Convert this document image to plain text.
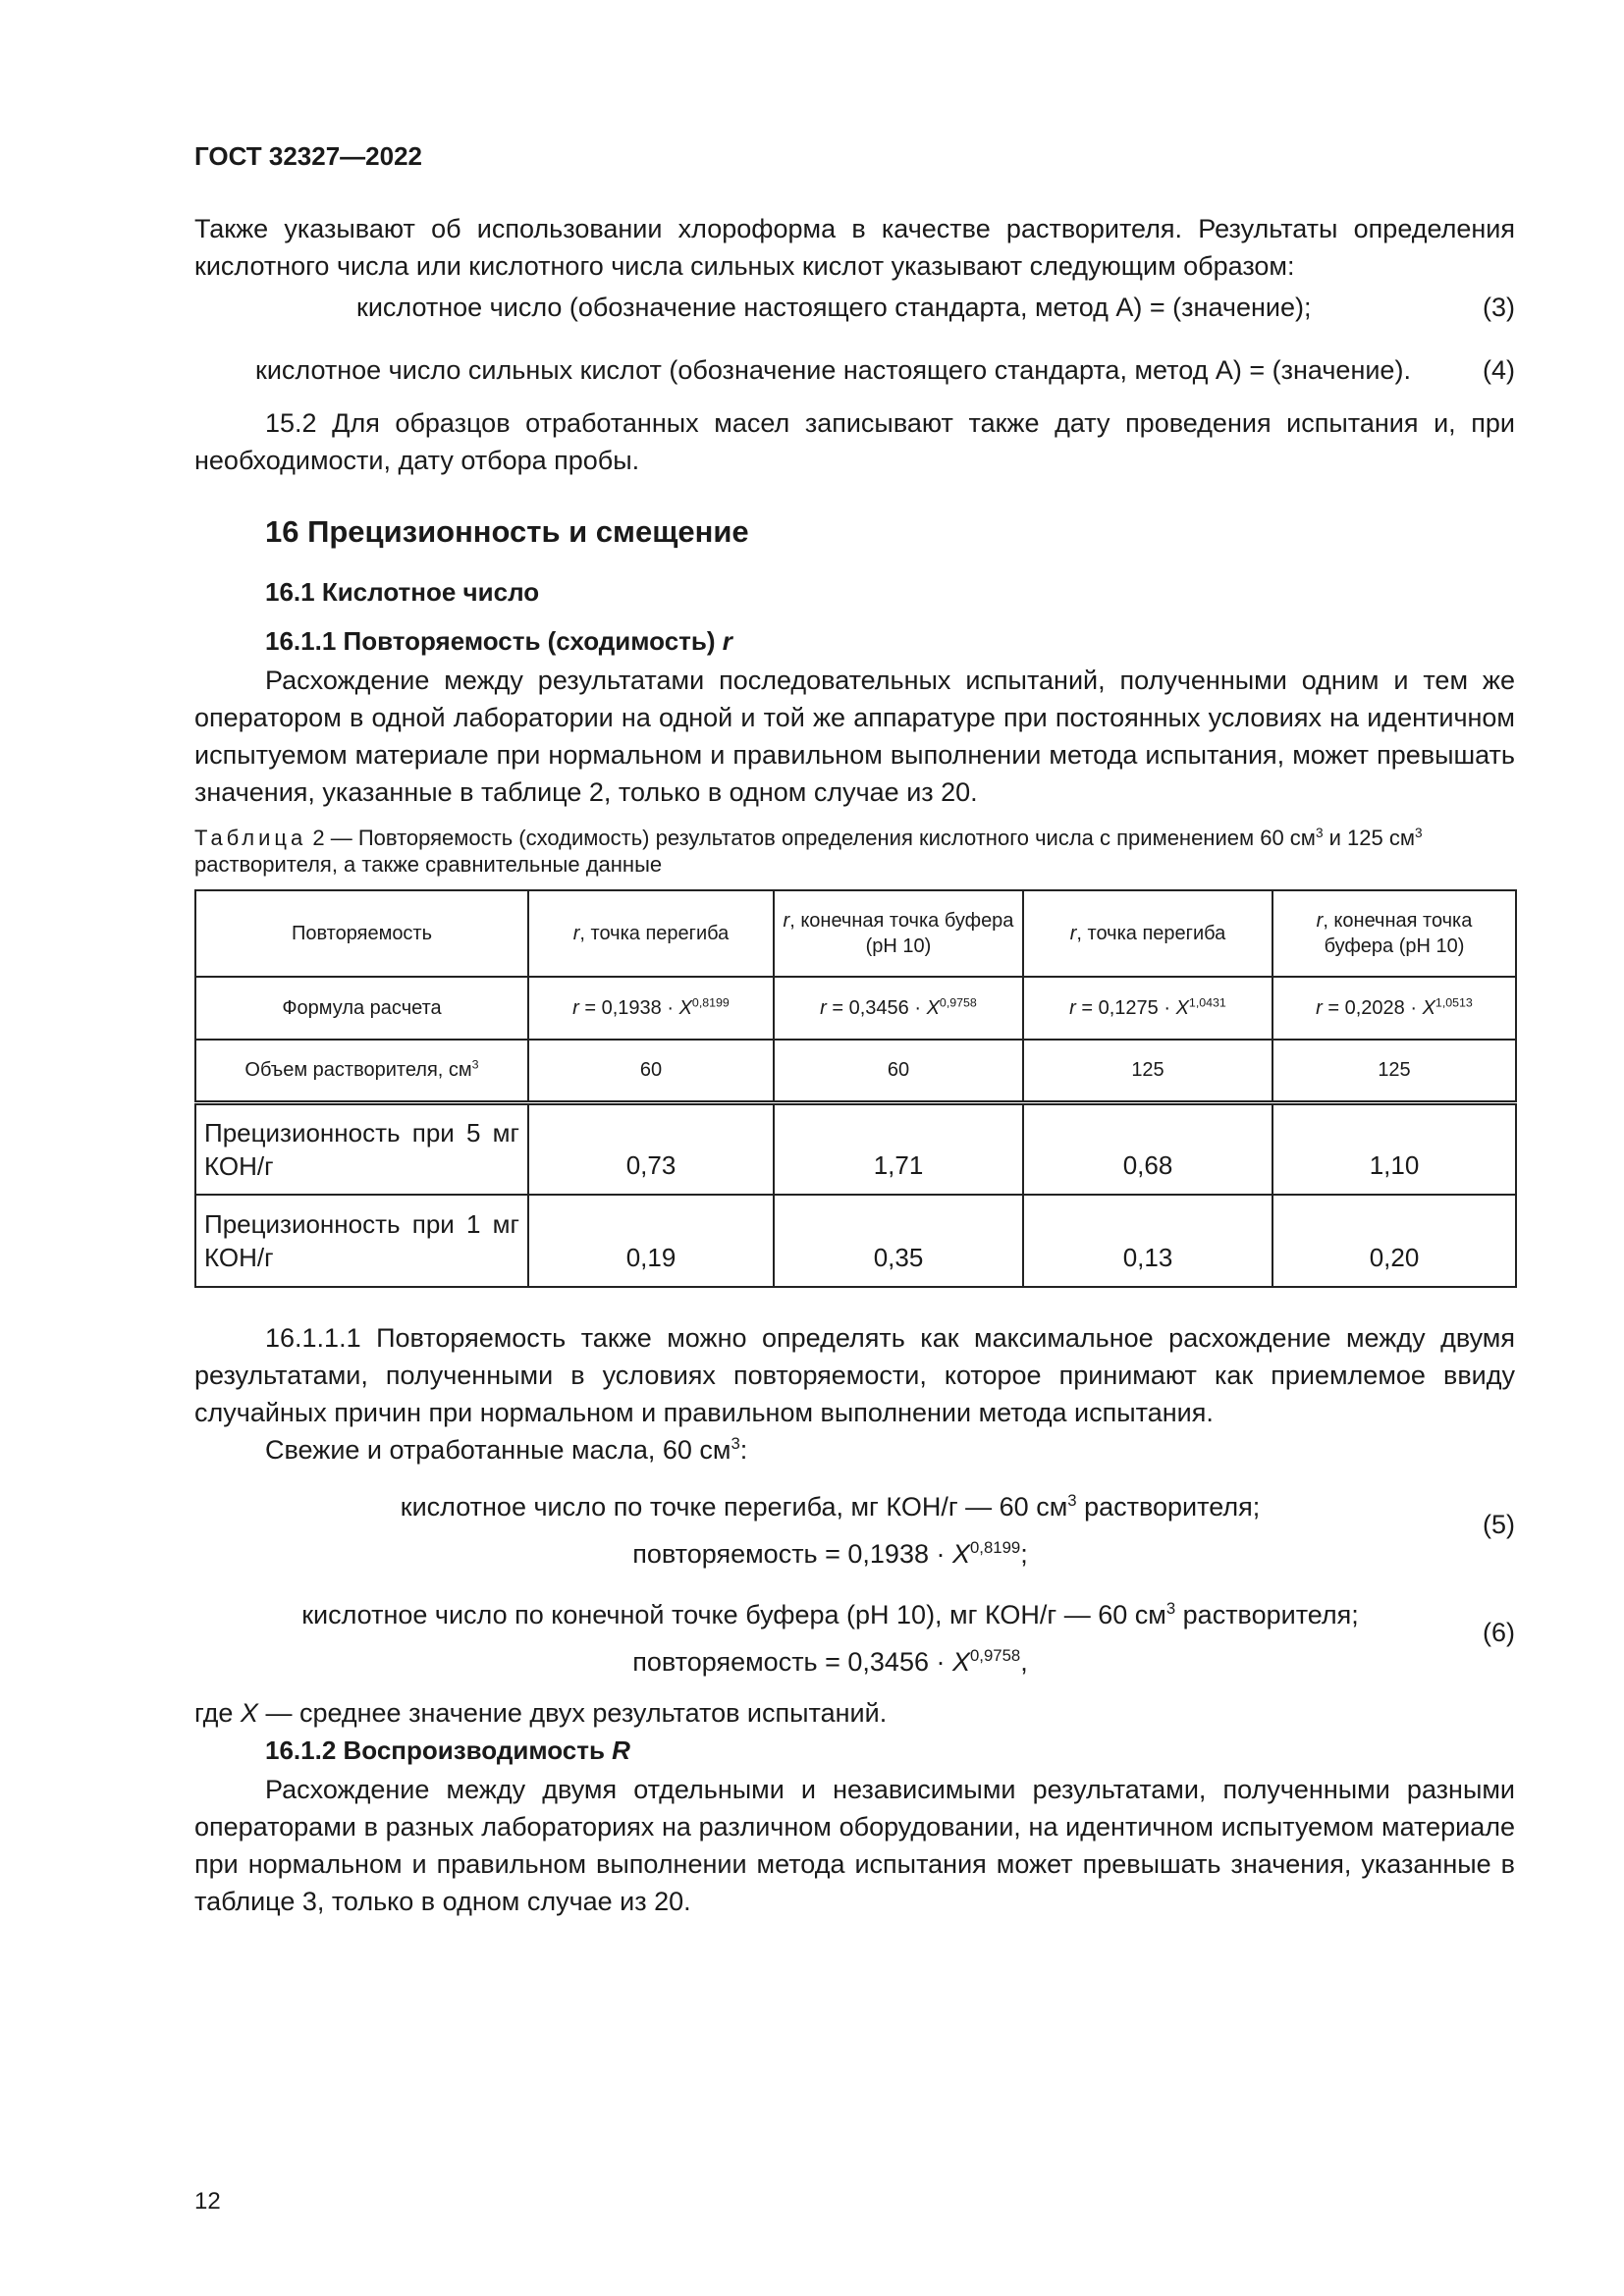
ГОСТ 32327—2022

Также указывают об использовании хлороформа в качестве растворителя. Результаты определения кислотного числа или кислотного числа сильных кислот указывают следующим образом:

кислотное число (обозначение настоящего стандарта, метод А) = (значение);	(3)
кислотное число сильных кислот (обозначение настоящего стандарта, метод А) = (значение).	(4)

15.2 Для образцов отработанных масел записывают также дату проведения испытания и, при необходимости, дату отбора пробы.

16 Прецизионность и смещение
16.1 Кислотное число
16.1.1 Повторяемость (сходимость) r

Расхождение между результатами последовательных испытаний, полученными одним и тем же оператором в одной лаборатории на одной и той же аппаратуре при постоянных условиях на идентичном испытуемом материале при нормальном и правильном выполнении метода испытания, может превышать значения, указанные в таблице 2, только в одном случае из 20.

Таблица 2 — Повторяемость (сходимость) результатов определения кислотного числа с применением 60 $см^3$ и 125 $см^3$ растворителя, а также сравнительные данные
Повторяемость	r, точка перегиба	r, конечная точка буфера (pH 10)	r, точка перегиба	r, конечная точка буфера (pH 10)
Формула расчета	$r = 0,1938 \cdot X^{0,8199}$	$r = 0,3456 \cdot X^{0,9758}$	$r = 0,1275 \cdot X^{1,0431}$	$r = 0,2028 \cdot X^{1,0513}$
Объем растворителя, $см^3$	60	60	125	125
Прецизионность при 5 мг КОН/г	0,73	1,71	0,68	1,10
Прецизионность при 1 мг КОН/г	0,19	0,35	0,13	0,20

16.1.1.1 Повторяемость также можно определять как максимальное расхождение между двумя результатами, полученными в условиях повторяемости, которое принимают как приемлемое ввиду случайных причин при нормальном и правильном выполнении метода испытания.

Свежие и отработанные масла, 60 $см^3$:

кислотное число по точке перегиба, мг КОН/г — 60 $см^3$ растворителя;
повторяемость = $0,1938 \cdot X^{0,8199}$;
(5)
кислотное число по конечной точке буфера (pH 10), мг КОН/г — 60 $см^3$ растворителя;
повторяемость = $0,3456 \cdot X^{0,9758}$,
(6)

где X — среднее значение двух результатов испытаний.

16.1.2 Воспроизводимость R

Расхождение между двумя отдельными и независимыми результатами, полученными разными операторами в разных лабораториях на различном оборудовании, на идентичном испытуемом материале при нормальном и правильном выполнении метода испытания может превышать значения, указанные в таблице 3, только в одном случае из 20.

12
